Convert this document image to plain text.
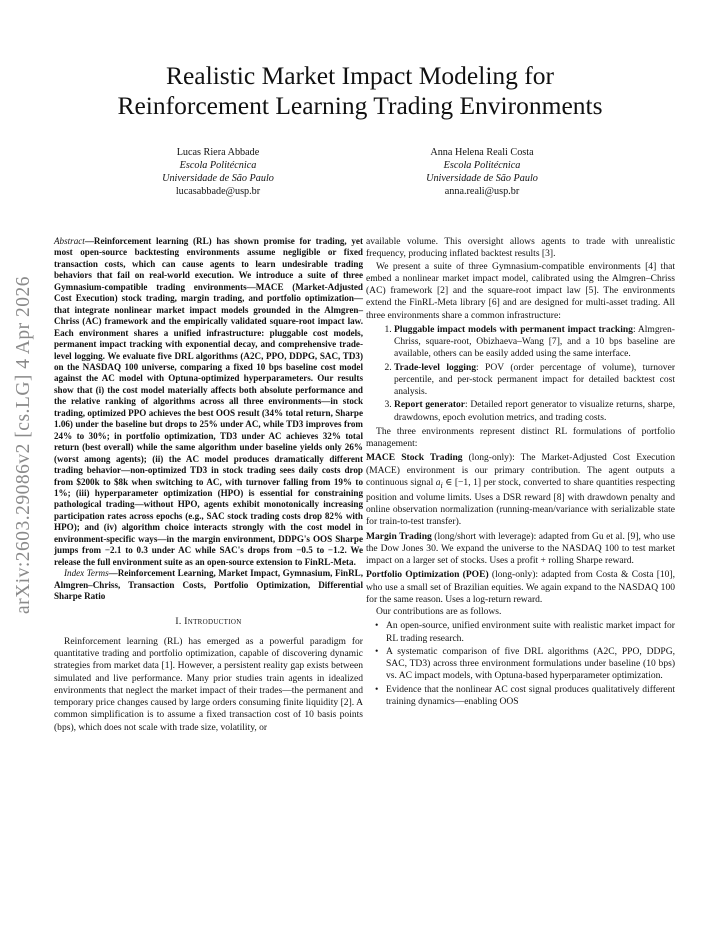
arXiv:2603.29086v2 [cs.LG] 4 Apr 2026
Realistic Market Impact Modeling for
Reinforcement Learning Trading Environments
Lucas Riera Abbade
Escola Politécnica
Universidade de São Paulo
lucasabbade@usp.br
Anna Helena Reali Costa
Escola Politécnica
Universidade de São Paulo
anna.reali@usp.br

Abstract—Reinforcement learning (RL) has shown promise for trading, yet most open-source backtesting environments assume negligible or fixed transaction costs, which can cause agents to learn undesirable trading behaviors that fail on real-world execution. We introduce a suite of three Gymnasium-compatible trading environments—MACE (Market-Adjusted Cost Execution) stock trading, margin trading, and portfolio optimization—that integrate nonlinear market impact models grounded in the Almgren–Chriss (AC) framework and the empirically validated square-root impact law. Each environment shares a unified infrastructure: pluggable cost models, permanent impact tracking with exponential decay, and comprehensive trade-level logging. We evaluate five DRL algorithms (A2C, PPO, DDPG, SAC, TD3) on the NASDAQ 100 universe, comparing a fixed 10 bps baseline cost model against the AC model with Optuna-optimized hyperparameters. Our results show that (i) the cost model materially affects both absolute performance and the relative ranking of algorithms across all three environments—in stock trading, optimized PPO achieves the best OOS result (34% total return, Sharpe 1.06) under the baseline but drops to 25% under AC, while TD3 improves from 24% to 30%; in portfolio optimization, TD3 under AC achieves 32% total return (best overall) while the same algorithm under baseline yields only 26% (worst among agents); (ii) the AC model produces dramatically different trading behavior—non-optimized TD3 in stock trading sees daily costs drop from $200k to $8k when switching to AC, with turnover falling from 19% to 1%; (iii) hyperparameter optimization (HPO) is essential for constraining pathological trading—without HPO, agents exhibit monotonically increasing participation rates across epochs (e.g., SAC stock trading costs drop 82% with HPO); and (iv) algorithm choice interacts strongly with the cost model in environment-specific ways—in the margin environment, DDPG's OOS Sharpe jumps from −2.1 to 0.3 under AC while SAC's drops from −0.5 to −1.2. We release the full environment suite as an open-source extension to FinRL-Meta.

Index Terms—Reinforcement Learning, Market Impact, Gymnasium, FinRL, Almgren–Chriss, Transaction Costs, Portfolio Optimization, Differential Sharpe Ratio

I. Introduction

Reinforcement learning (RL) has emerged as a powerful paradigm for quantitative trading and portfolio optimization, capable of discovering dynamic strategies from market data [1]. However, a persistent reality gap exists between simulated and live performance. Many prior studies train agents in idealized environments that neglect the market impact of their trades—the permanent and temporary price changes caused by large orders consuming finite liquidity [2]. A common simplification is to assume a fixed transaction cost of 10 basis points (bps), which does not scale with trade size, volatility, or

available volume. This oversight allows agents to trade with unrealistic frequency, producing inflated backtest results [3].

We present a suite of three Gymnasium-compatible environments [4] that embed a nonlinear market impact model, calibrated using the Almgren–Chriss (AC) framework [2] and the square-root impact law [5]. The environments extend the FinRL-Meta library [6] and are designed for multi-asset trading. All three environments share a common infrastructure:

1. Pluggable impact models with permanent impact tracking: Almgren-Chriss, square-root, Obizhaeva–Wang [7], and a 10 bps baseline are available, others can be easily added using the same interface.
2. Trade-level logging: POV (order percentage of volume), turnover percentile, and per-stock permanent impact for detailed backtest cost analysis.
3. Report generator: Detailed report generator to visualize returns, sharpe, drawdowns, epoch evolution metrics, and trading costs.

The three environments represent distinct RL formulations of portfolio management:

MACE Stock Trading (long-only): The Market-Adjusted Cost Execution (MACE) environment is our primary contribution. The agent outputs a continuous signal $a_i$ ∈ [−1, 1] per stock, converted to share quantities respecting position and volume limits. Uses a DSR reward [8] with drawdown penalty and online observation normalization (running-mean/variance with serializable state for train-to-test transfer).

Margin Trading (long/short with leverage): adapted from Gu et al. [9], who use the Dow Jones 30. We expand the universe to the NASDAQ 100 to test market impact on a larger set of stocks. Uses a profit + rolling Sharpe reward.

Portfolio Optimization (POE) (long-only): adapted from Costa & Costa [10], who use a small set of Brazilian equities. We again expand to the NASDAQ 100 for the same reason. Uses a log-return reward.

Our contributions are as follows.

• An open-source, unified environment suite with realistic market impact for RL trading research.
• A systematic comparison of five DRL algorithms (A2C, PPO, DDPG, SAC, TD3) across three environment formulations under baseline (10 bps) vs. AC impact models, with Optuna-based hyperparameter optimization.
• Evidence that the nonlinear AC cost signal produces qualitatively different training dynamics—enabling OOS
